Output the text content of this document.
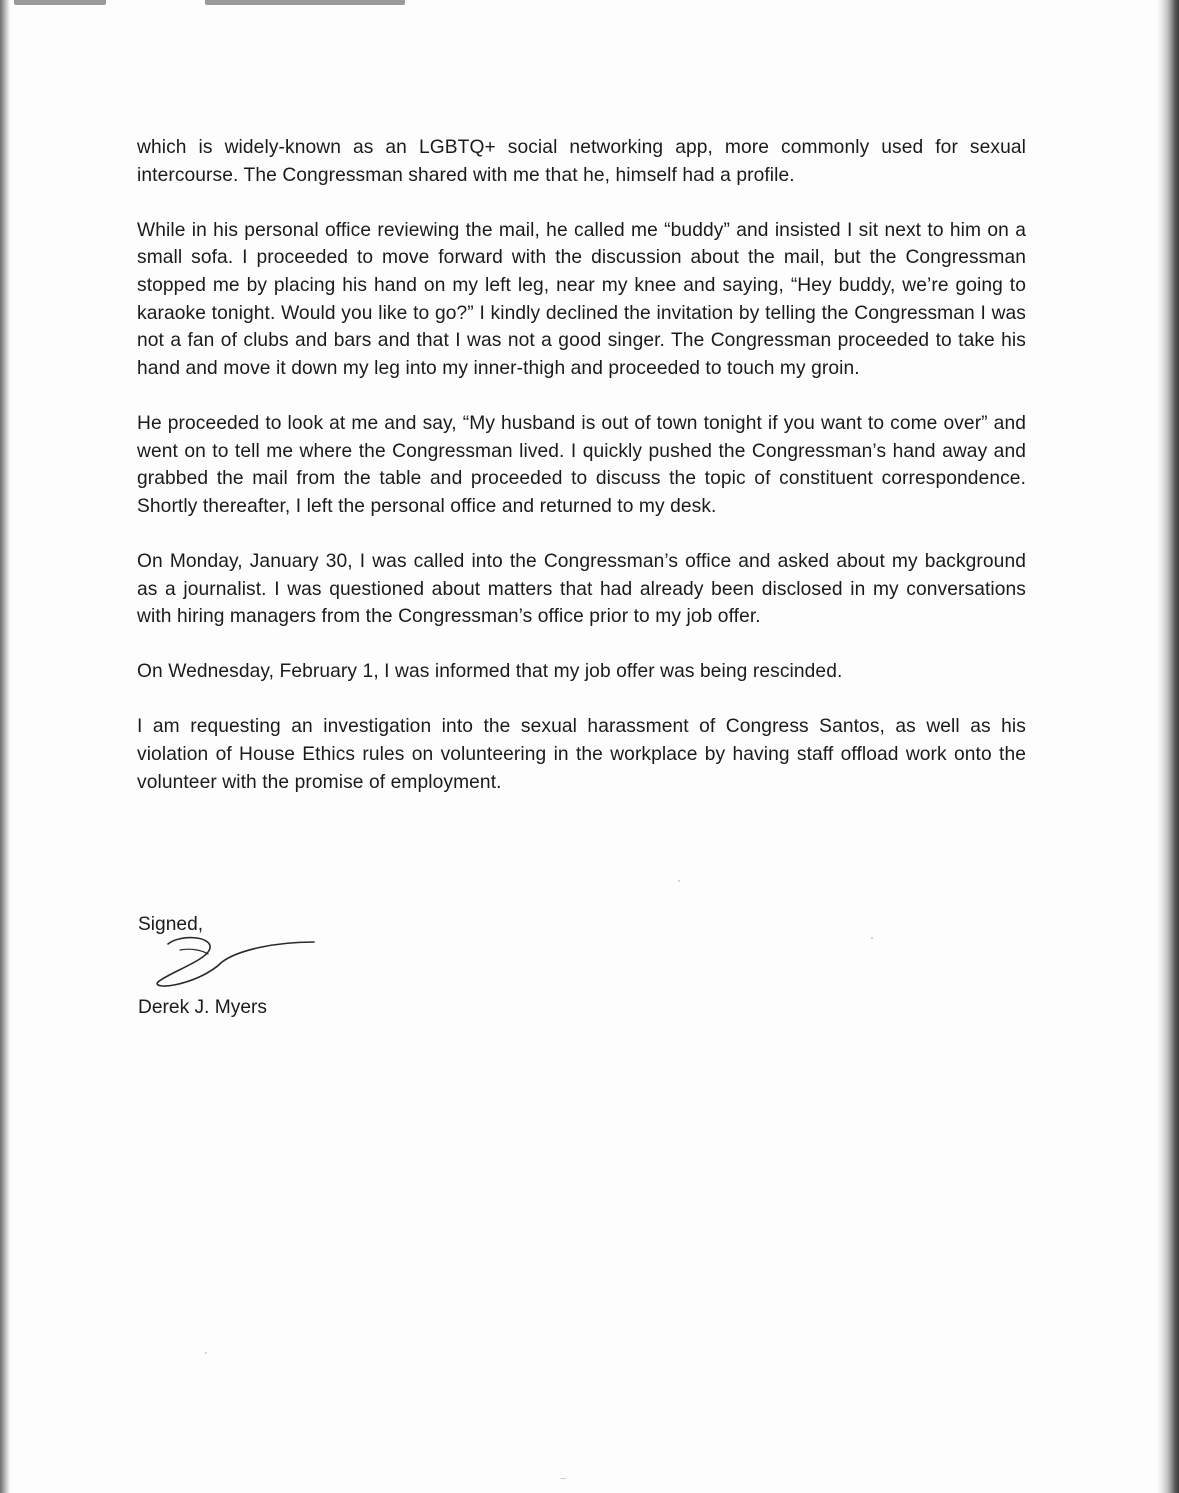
which is widely-known as an LGBTQ+ social networking app, more commonly used for sexual intercourse. The Congressman shared with me that he, himself had a profile.

While in his personal office reviewing the mail, he called me “buddy” and insisted I sit next to him on a small sofa. I proceeded to move forward with the discussion about the mail, but the Congressman stopped me by placing his hand on my left leg, near my knee and saying, “Hey buddy, we’re going to karaoke tonight. Would you like to go?” I kindly declined the invitation by telling the Congressman I was not a fan of clubs and bars and that I was not a good singer. The Congressman proceeded to take his hand and move it down my leg into my inner-thigh and proceeded to touch my groin.

He proceeded to look at me and say, “My husband is out of town tonight if you want to come over” and went on to tell me where the Congressman lived. I quickly pushed the Congressman’s hand away and grabbed the mail from the table and proceeded to discuss the topic of constituent correspondence. Shortly thereafter, I left the personal office and returned to my desk.

On Monday, January 30, I was called into the Congressman’s office and asked about my background as a journalist. I was questioned about matters that had already been disclosed in my conversations with hiring managers from the Congressman’s office prior to my job offer.

On Wednesday, February 1, I was informed that my job offer was being rescinded.

I am requesting an investigation into the sexual harassment of Congress Santos, as well as his violation of House Ethics rules on volunteering in the workplace by having staff offload work onto the volunteer with the promise of employment.

Signed,
Derek J. Myers
